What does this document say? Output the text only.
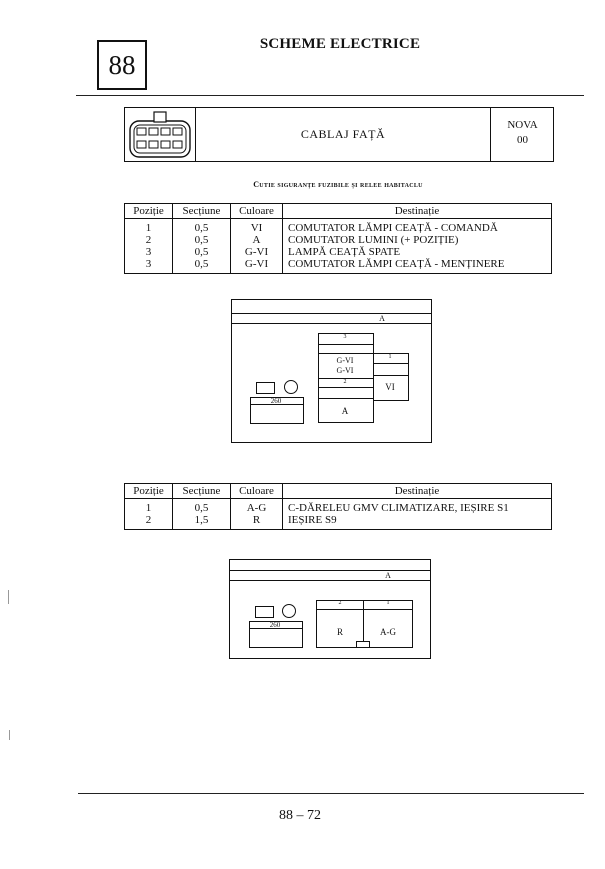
88
SCHEME ELECTRICE
CABLAJ FAȚĂ
NOVA
00
Cutie siguranțe fuzibile și relee habitaclu
Poziție	Secțiune	Culoare	Destinație
1	0,5	VI	COMUTATOR LĂMPI CEAȚĂ - COMANDĂ
2	0,5	A	COMUTATOR LUMINI (+ POZIȚIE)
3	0,5	G-VI	LAMPĂ CEAȚĂ SPATE
3	0,5	G-VI	COMUTATOR LĂMPI CEAȚĂ - MENȚINERE
A
3
G-VI
G-VI
2
A
1
VI
260
Poziție	Secțiune	Culoare	Destinație
1	0,5	A-G	C-DĂRELEU GMV CLIMATIZARE, IEȘIRE S1
2	1,5	R	IEȘIRE S9
A
2	1
R	A-G
260
88 – 72
